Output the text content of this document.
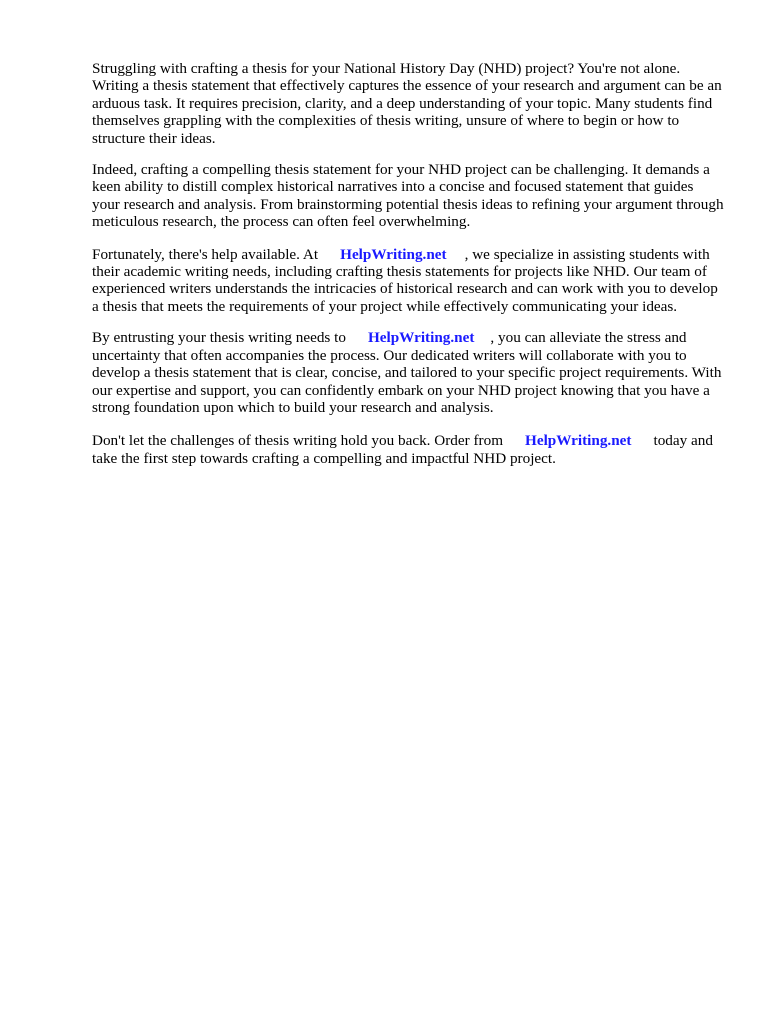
Struggling with crafting a thesis for your National History Day (NHD) project? You're not alone. Writing a thesis statement that effectively captures the essence of your research and argument can be an arduous task. It requires precision, clarity, and a deep understanding of your topic. Many students find themselves grappling with the complexities of thesis writing, unsure of where to begin or how to structure their ideas.

Indeed, crafting a compelling thesis statement for your NHD project can be challenging. It demands a keen ability to distill complex historical narratives into a concise and focused statement that guides your research and analysis. From brainstorming potential thesis ideas to refining your argument through meticulous research, the process can often feel overwhelming.

Fortunately, there's help available. At HelpWriting.net , we specialize in assisting students with their academic writing needs, including crafting thesis statements for projects like NHD. Our team of experienced writers understands the intricacies of historical research and can work with you to develop a thesis that meets the requirements of your project while effectively communicating your ideas.

By entrusting your thesis writing needs to HelpWriting.net , you can alleviate the stress and uncertainty that often accompanies the process. Our dedicated writers will collaborate with you to develop a thesis statement that is clear, concise, and tailored to your specific project requirements. With our expertise and support, you can confidently embark on your NHD project knowing that you have a strong foundation upon which to build your research and analysis.

Don't let the challenges of thesis writing hold you back. Order from HelpWriting.net today and take the first step towards crafting a compelling and impactful NHD project.
